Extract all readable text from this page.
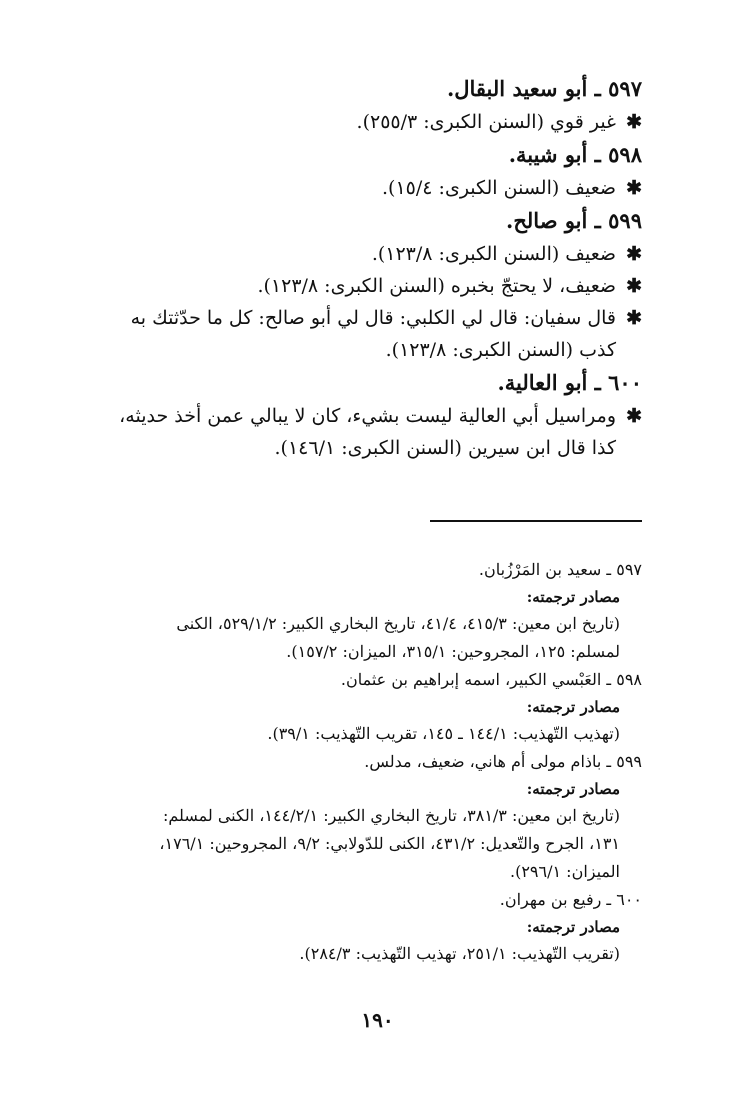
٥٩٧ ـ أبو سعيد البقال.
✱
غير قوي (السنن الكبرى: ٢٥٥/٣).
٥٩٨ ـ أبو شيبة.
✱
ضعيف (السنن الكبرى: ١٥/٤).
٥٩٩ ـ أبو صالح.
✱
ضعيف (السنن الكبرى: ١٢٣/٨).
✱
ضعيف، لا يحتجّ بخبره (السنن الكبرى: ١٢٣/٨).
✱
قال سفيان: قال لي الكلبي: قال لي أبو صالح: كل ما حدّثتك به
كذب (السنن الكبرى: ١٢٣/٨).
٦٠٠ ـ أبو العالية.
✱
ومراسيل أبي العالية ليست بشيء، كان لا يبالي عمن أخذ حديثه،
كذا قال ابن سيرين (السنن الكبرى: ١٤٦/١).
٥٩٧ ـ سعيد بن المَرْزُبان.
مصادر ترجمته:
(تاريخ ابن معين: ٤١٥/٣، ٤١/٤، تاريخ البخاري الكبير: ٥٢٩/١/٢، الكنى
لمسلم: ١٢٥، المجروحين: ٣١٥/١، الميزان: ١٥٧/٢).
٥٩٨ ـ العَبْسي الكبير، اسمه إبراهيم بن عثمان.
مصادر ترجمته:
(تهذيب التّهذيب: ١٤٤/١ ـ ١٤٥، تقريب التّهذيب: ٣٩/١).
٥٩٩ ـ باذام مولى أم هاني، ضعيف، مدلس.
مصادر ترجمته:
(تاريخ ابن معين: ٣٨١/٣، تاريخ البخاري الكبير: ١٤٤/٢/١، الكنى لمسلم:
١٣١، الجرح والتّعديل: ٤٣١/٢، الكنى للدّولابي: ٩/٢، المجروحين: ١٧٦/١،
الميزان: ٢٩٦/١).
٦٠٠ ـ رفيع بن مهران.
مصادر ترجمته:
(تقريب التّهذيب: ٢٥١/١، تهذيب التّهذيب: ٢٨٤/٣).
١٩٠
